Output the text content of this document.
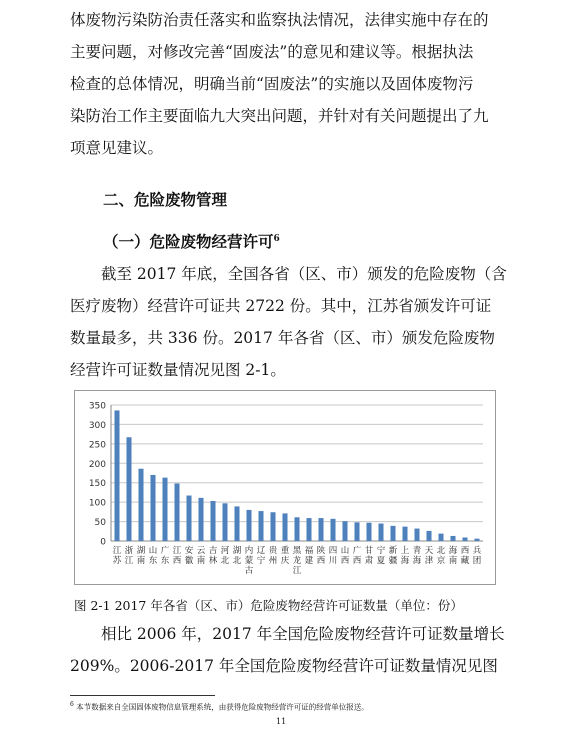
体废物污染防治责任落实和监察执法情况，法律实施中存在的
主要问题，对修改完善“固废法”的意见和建议等。根据执法
检查的总体情况，明确当前“固废法”的实施以及固体废物污
染防治工作主要面临九大突出问题，并针对有关问题提出了九
项意见建议。
二、危险废物管理
（一）危险废物经营许可$^6$
截至 2017 年底，全国各省（区、市）颁发的危险废物（含
医疗废物）经营许可证共 2722 份。其中，江苏省颁发许可证
数量最多，共 336 份。2017 年各省（区、市）颁发危险废物
经营许可证数量情况见图 2-1。
0
50
100
150
200
250
300
350
江苏
浙江
湖南
山东
广东
江西
安徽
云南
吉林
河北
湖北
内蒙古
辽宁
贵州
重庆
黑龙江
福建
陕西
四川
山西
广西
甘肃
宁夏
新疆
上海
青海
天津
北京
海南
西藏
兵团

图 2-1 2017 年各省（区、市）危险废物经营许可证数量（单位：份）

相比 2006 年，2017 年全国危险废物经营许可证数量增长
209%。2006-2017 年全国危险废物经营许可证数量情况见图

$^6$ 本节数据来自全国固体废物信息管理系统，由获得危险废物经营许可证的经营单位报送。

11
